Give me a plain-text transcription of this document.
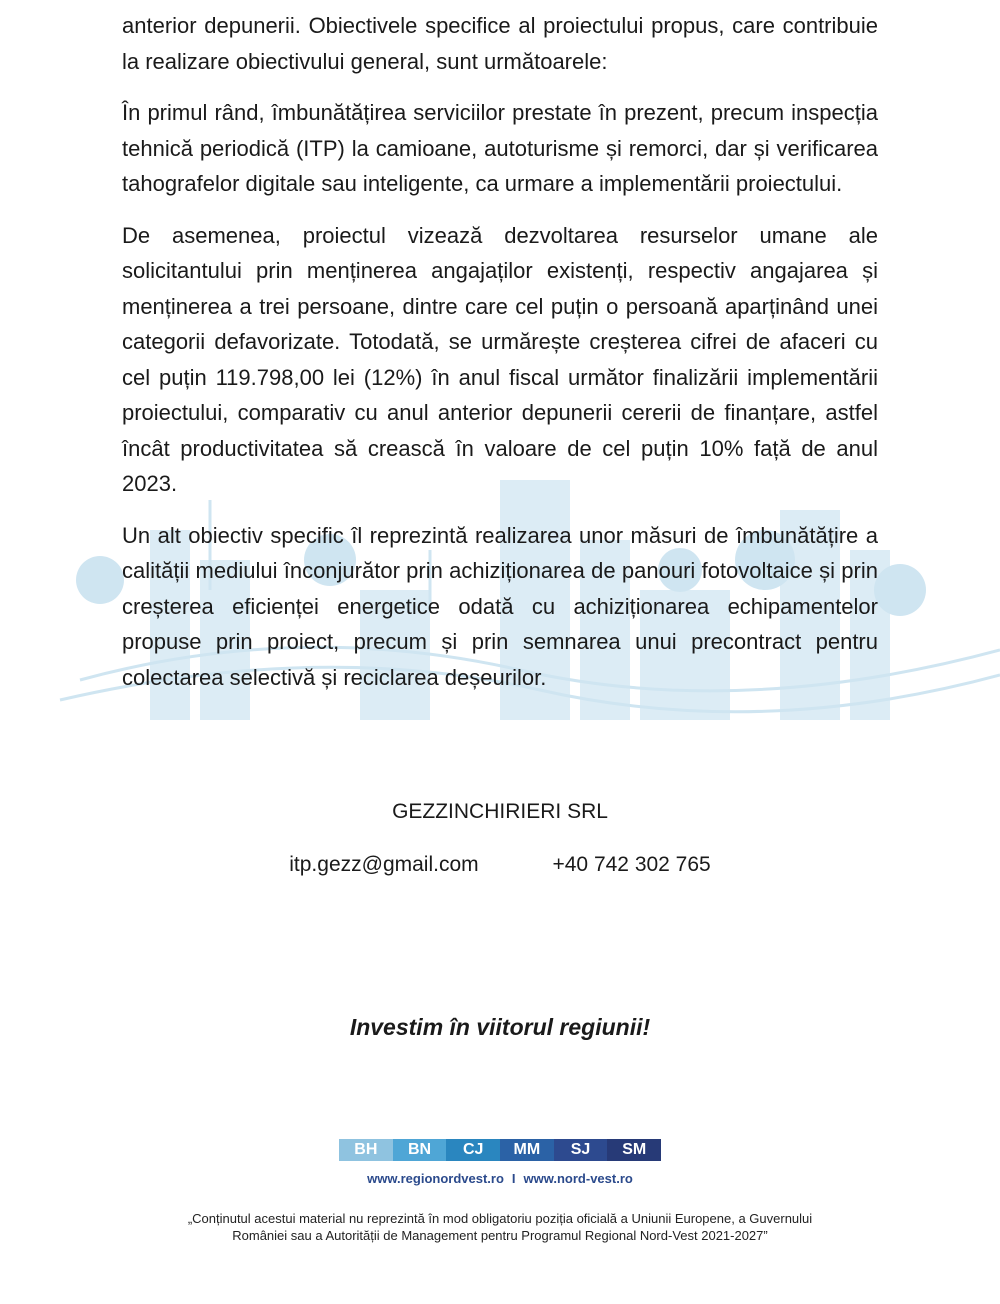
anterior depunerii. Obiectivele specifice al proiectului propus, care contribuie la realizare obiectivului general, sunt următoarele:

În primul rând, îmbunătățirea serviciilor prestate în prezent, precum inspecția tehnică periodică (ITP) la camioane, autoturisme și remorci, dar și verificarea tahografelor digitale sau inteligente, ca urmare a implementării proiectului.

De asemenea, proiectul vizează dezvoltarea resurselor umane ale solicitantului prin menținerea angajaților existenți, respectiv angajarea și menținerea a trei persoane, dintre care cel puțin o persoană aparținând unei categorii defavorizate. Totodată, se urmărește creșterea cifrei de afaceri cu cel puțin 119.798,00 lei (12%) în anul fiscal următor finalizării implementării proiectului, comparativ cu anul anterior depunerii cererii de finanțare, astfel încât productivitatea să crească în valoare de cel puțin 10% față de anul 2023.

Un alt obiectiv specific îl reprezintă realizarea unor măsuri de îmbunătățire a calității mediului înconjurător prin achiziționarea de panouri fotovoltaice și prin creșterea eficienței energetice odată cu achiziționarea echipamentelor propuse prin proiect, precum și prin semnarea unui precontract pentru colectarea selectivă și reciclarea deșeurilor.

GEZZINCHIRIERI SRL
itp.gezz@gmail.com	+40 742 302 765
Investim în viitorul regiunii!
BH	BN	CJ	MM	SJ	SM
www.regionordvest.ro I www.nord-vest.ro
„Conținutul acestui material nu reprezintă în mod obligatoriu poziția oficială a Uniunii Europene, a Guvernului
României sau a Autorității de Management pentru Programul Regional Nord-Vest 2021-2027”
